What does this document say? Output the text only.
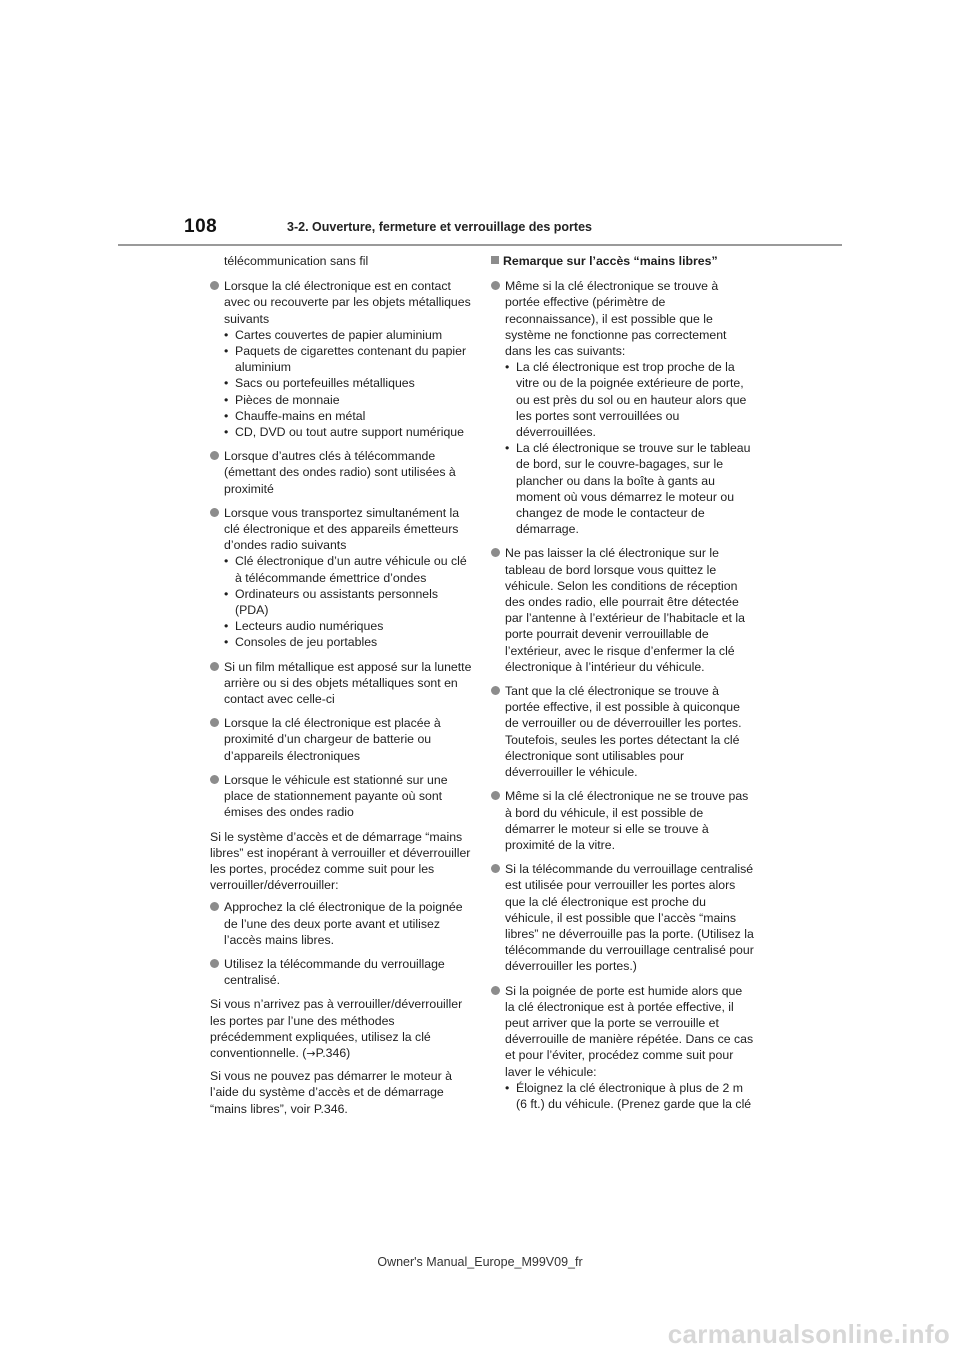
108	3-2. Ouverture, fermeture et verrouillage des portes
télécommunication sans fil
Lorsque la clé électronique est en contact avec ou recouverte par les objets métalliques suivants
• Cartes couvertes de papier aluminium
• Paquets de cigarettes contenant du papier aluminium
• Sacs ou portefeuilles métalliques
• Pièces de monnaie
• Chauffe-mains en métal
• CD, DVD ou tout autre support numérique
Lorsque d’autres clés à télécommande (émettant des ondes radio) sont utilisées à proximité
Lorsque vous transportez simultanément la clé électronique et des appareils émetteurs d’ondes radio suivants
• Clé électronique d’un autre véhicule ou clé à télécommande émettrice d’ondes
• Ordinateurs ou assistants personnels (PDA)
• Lecteurs audio numériques
• Consoles de jeu portables
Si un film métallique est apposé sur la lunette arrière ou si des objets métalliques sont en contact avec celle-ci
Lorsque la clé électronique est placée à proximité d’un chargeur de batterie ou d’appareils électroniques
Lorsque le véhicule est stationné sur une place de stationnement payante où sont émises des ondes radio
Si le système d’accès et de démarrage “mains libres” est inopérant à verrouiller et déverrouiller les portes, procédez comme suit pour les verrouiller/déverrouiller:
Approchez la clé électronique de la poignée de l’une des deux porte avant et utilisez l’accès mains libres.
Utilisez la télécommande du verrouillage centralisé.
Si vous n’arrivez pas à verrouiller/déverrouiller les portes par l’une des méthodes précédemment expliquées, utilisez la clé conventionnelle. (→P.346)
Si vous ne pouvez pas démarrer le moteur à l’aide du système d’accès et de démarrage “mains libres”, voir P.346.
Remarque sur l’accès “mains libres”
Même si la clé électronique se trouve à portée effective (périmètre de reconnaissance), il est possible que le système ne fonctionne pas correctement dans les cas suivants:
• La clé électronique est trop proche de la vitre ou de la poignée extérieure de porte, ou est près du sol ou en hauteur alors que les portes sont verrouillées ou déverrouillées.
• La clé électronique se trouve sur le tableau de bord, sur le couvre-bagages, sur le plancher ou dans la boîte à gants au moment où vous démarrez le moteur ou changez de mode le contacteur de démarrage.
Ne pas laisser la clé électronique sur le tableau de bord lorsque vous quittez le véhicule. Selon les conditions de réception des ondes radio, elle pourrait être détectée par l’antenne à l’extérieur de l’habitacle et la porte pourrait devenir verrouillable de l’extérieur, avec le risque d’enfermer la clé électronique à l’intérieur du véhicule.
Tant que la clé électronique se trouve à portée effective, il est possible à quiconque de verrouiller ou de déverrouiller les portes. Toutefois, seules les portes détectant la clé électronique sont utilisables pour déverrouiller le véhicule.
Même si la clé électronique ne se trouve pas à bord du véhicule, il est possible de démarrer le moteur si elle se trouve à proximité de la vitre.
Si la télécommande du verrouillage centralisé est utilisée pour verrouiller les portes alors que la clé électronique est proche du véhicule, il est possible que l’accès “mains libres” ne déverrouille pas la porte. (Utilisez la télécommande du verrouillage centralisé pour déverrouiller les portes.)
Si la poignée de porte est humide alors que la clé électronique est à portée effective, il peut arriver que la porte se verrouille et déverrouille de manière répétée. Dans ce cas et pour l’éviter, procédez comme suit pour laver le véhicule:
• Éloignez la clé électronique à plus de 2 m (6 ft.) du véhicule. (Prenez garde que la clé
Owner's Manual_Europe_M99V09_fr
carmanualsonline.info
